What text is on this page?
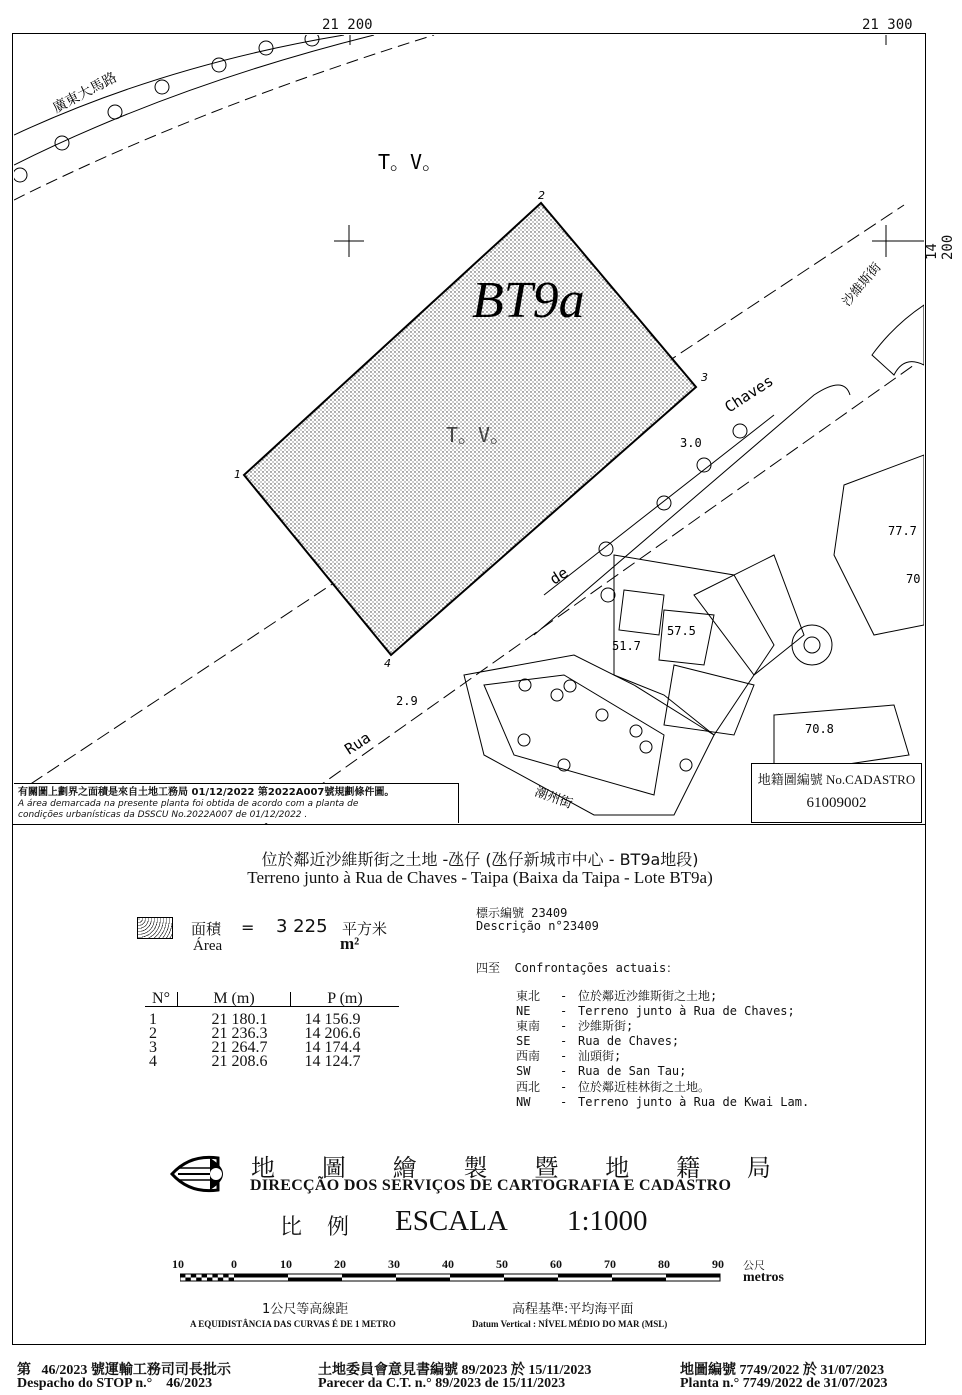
21 200	21 300
14 200
T。V。
T。V。
BT9a
1
2
3
4
廣東大馬路
沙維斯街
潮州街
Rua
de
Chaves
3.0
2.9
51.7
57.5
70.8
77.7
70
有關圖上劃界之面積是來自土地工務局 01/12/2022 第2022A007號規劃條件圖。
A área demarcada na presente planta foi obtida de acordo com a planta de
condições urbanísticas da DSSCU No.2022A007 de 01/12/2022 .
地籍圖編號 No.CADASTRO
61009002
位於鄰近沙維斯街之土地 -氹仔 (氹仔新城市中心 - BT9a地段)
Terreno junto à Rua de Chaves - Taipa (Baixa da Taipa - Lote BT9a)
面積
Área
= 3 225 平方米
m²
N°	M (m)	P (m)

1	21 180.1	14 156.9
2	21 236.3	14 206.6
3	21 264.7	14 174.4
4	21 208.6	14 124.7
標示編號 23409
Descrição n°23409
四至  Confrontações actuais：
東北 - 位於鄰近沙維斯街之土地;
NE - Terreno junto à Rua de Chaves;
東南 - 沙維斯街;
SE - Rua de Chaves;
西南 - 汕頭街;
SW - Rua de San Tau;
西北 - 位於鄰近桂林街之土地。
NW - Terreno junto à Rua de Kwai Lam.
地 圖 繪 製 暨 地 籍 局
DIRECÇÃO DOS SERVIÇOS DE CARTOGRAFIA E CADASTRO
比 例 ESCALA 1:1000
10	0	10	20	30	40	50	60	70	80	90 公尺
metros
1公尺等高線距
A EQUIDISTÂNCIA DAS CURVAS É DE 1 METRO
高程基準:平均海平面
Datum Vertical : NÍVEL MÉDIO DO MAR (MSL)
第   46/2023 號運輸工務司司長批示
Despacho do STOP n.°    46/2023
土地委員會意見書編號 89/2023 於 15/11/2023
Parecer da C.T. n.° 89/2023 de 15/11/2023
地圖編號 7749/2022 於 31/07/2023
Planta n.° 7749/2022 de 31/07/2023
